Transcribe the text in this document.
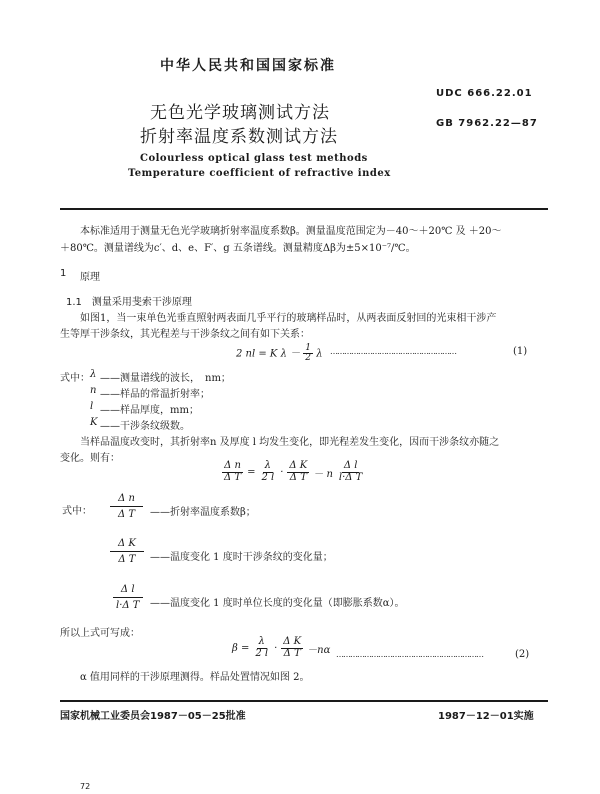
中华人民共和国国家标准
UDC 666.22.01
GB 7962.22—87
无色光学玻璃测试方法
折射率温度系数测试方法
Colourless optical glass test methods
Temperature coefficient of refractive index
本标准适用于测量无色光学玻璃折射率温度系数β。测量温度范围定为－40～＋20℃ 及 ＋20～
＋80℃。测量谱线为c′、d、e、F′、g 五条谱线。测量精度Δβ为±5×10⁻⁷/℃。
1 原理
1.1　测量采用斐索干涉原理
如图1，当一束单色光垂直照射两表面几乎平行的玻璃样品时，从两表面反射回的光束相干涉产
生等厚干涉条纹，其光程差与干涉条纹之间有如下关系：
2 nl = K $\lambda - \frac{1}{2}$ λ ………………………………………………	(1)
式中： λ ——测量谱线的波长，　nm；
n ——样品的常温折射率；
l ——样品厚度，mm；
K ——干涉条纹级数。
当样品温度改变时，其折射率n 及厚度 l 均发生变化，即光程差发生变化，因而干涉条纹亦随之
变化。则有：
$\frac{\text{Δ n}}{\text{Δ T}} = \frac{\lambda}{2 l} \cdot \frac{\text{Δ K}}{\text{Δ T}} - n \frac{\text{Δ l}}{\text{l·Δ T}}$
式中： $\frac{\text{Δ n}}{\text{Δ T}}$ ——折射率温度系数β；
$\frac{\text{Δ K}}{\text{Δ T}}$ ——温度变化 1 度时干涉条纹的变化量；
$\frac{\text{Δ l}}{\text{l·Δ T}}$ ——温度变化 1 度时单位长度的变化量（即膨胀系数α）。
所以上式可写成：
$\beta = \frac{\lambda}{2 l} \cdot \frac{\text{Δ K}}{\text{Δ T}} -n\alpha$ ………………………………………………………	(2)
α 值用同样的干涉原理测得。样品处置情况如图 2。
国家机械工业委员会1987－05－25批准	1987－12－01实施
72
